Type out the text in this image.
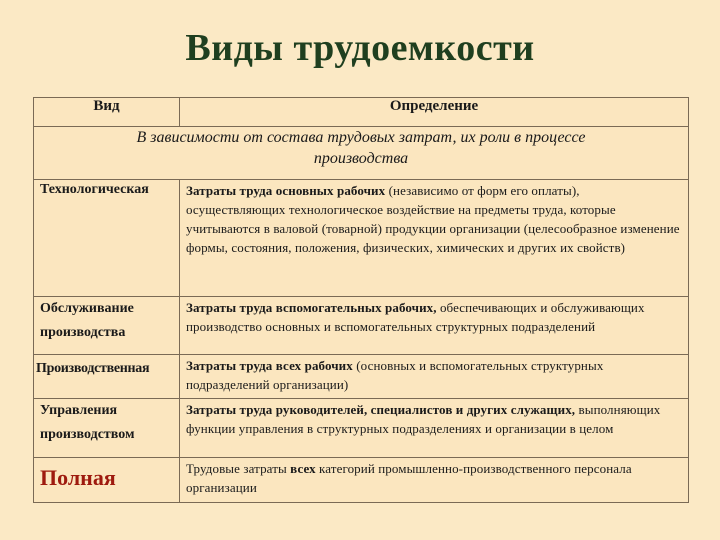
Виды трудоемкости
Вид	Определение
В зависимости от состава трудовых затрат, их роли в процессе
производства	
Технологическая	Затраты труда основных рабочих (независимо от форм его оплаты), осуществляющих технологическое воздействие на предметы труда, которые учитываются в валовой (товарной) продукции организации (целесообразное изменение формы, состояния, положения, физических, химических и других их свойств)
Обслуживание
производства	Затраты труда вспомогательных рабочих, обеспечивающих и обслуживающих производство основных и вспомогательных структурных подразделений
Производственная	Затраты труда всех рабочих (основных и вспомогательных структурных подразделений организации)
Управления
производством	Затраты труда руководителей, специалистов и других служащих, выполняющих функции управления в структурных подразделениях и организации в целом
Полная	Трудовые затраты всех категорий промышленно-производственного персонала организации
